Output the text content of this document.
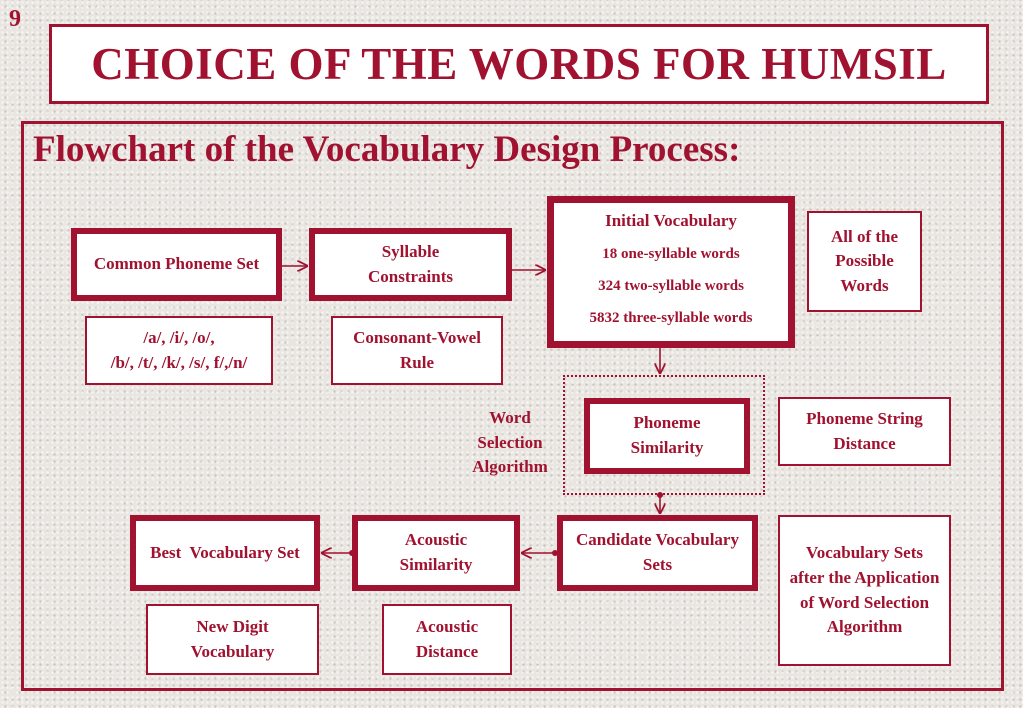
9
CHOICE OF THE WORDS FOR HUMSIL
Flowchart of the Vocabulary Design Process:
Common Phoneme Set
Syllable Constraints
Initial Vocabulary
18 one-syllable words
324 two-syllable words
5832 three-syllable words
All of the Possible Words
/a/, /i/, /o/,
/b/, /t/, /k/, /s/, f/,/n/
Consonant-Vowel Rule
Word Selection Algorithm
Phoneme Similarity
Phoneme String Distance
Best  Vocabulary Set
Acoustic Similarity
Candidate Vocabulary Sets
Vocabulary Sets after the Application of Word Selection Algorithm
New Digit Vocabulary
Acoustic Distance
